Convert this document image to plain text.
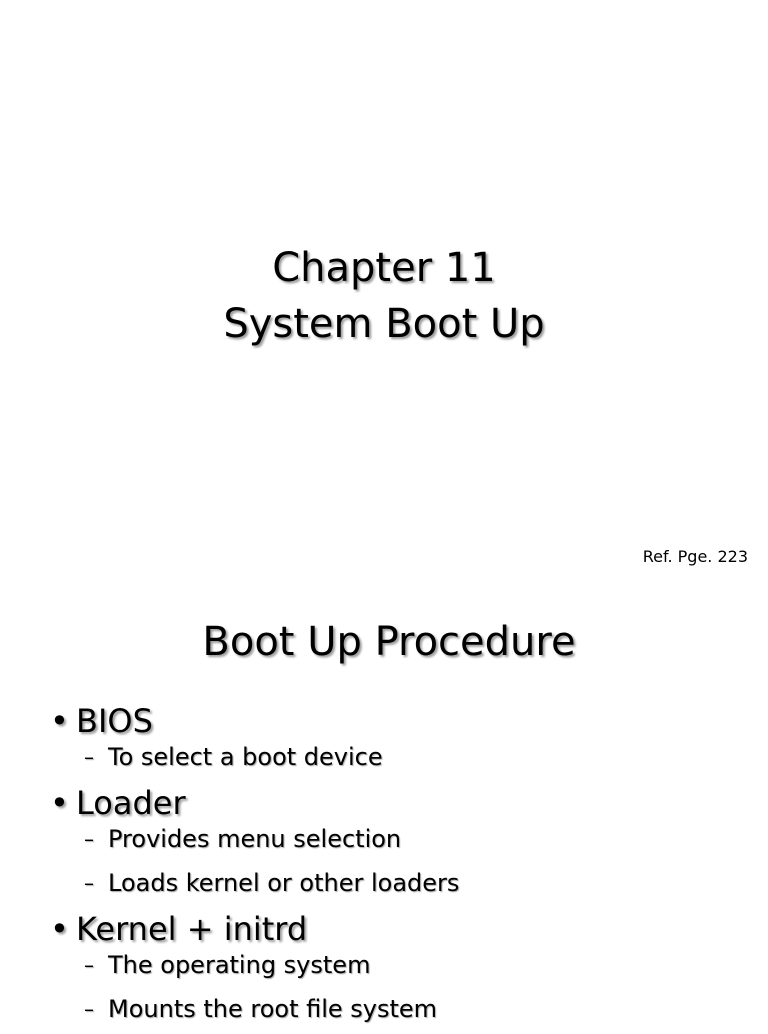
Chapter 11
System Boot Up
Ref. Pge. 223
Boot Up Procedure
• BIOS
– To select a boot device
• Loader
– Provides menu selection
– Loads kernel or other loaders
• Kernel + initrd
– The operating system
– Mounts the root file system
